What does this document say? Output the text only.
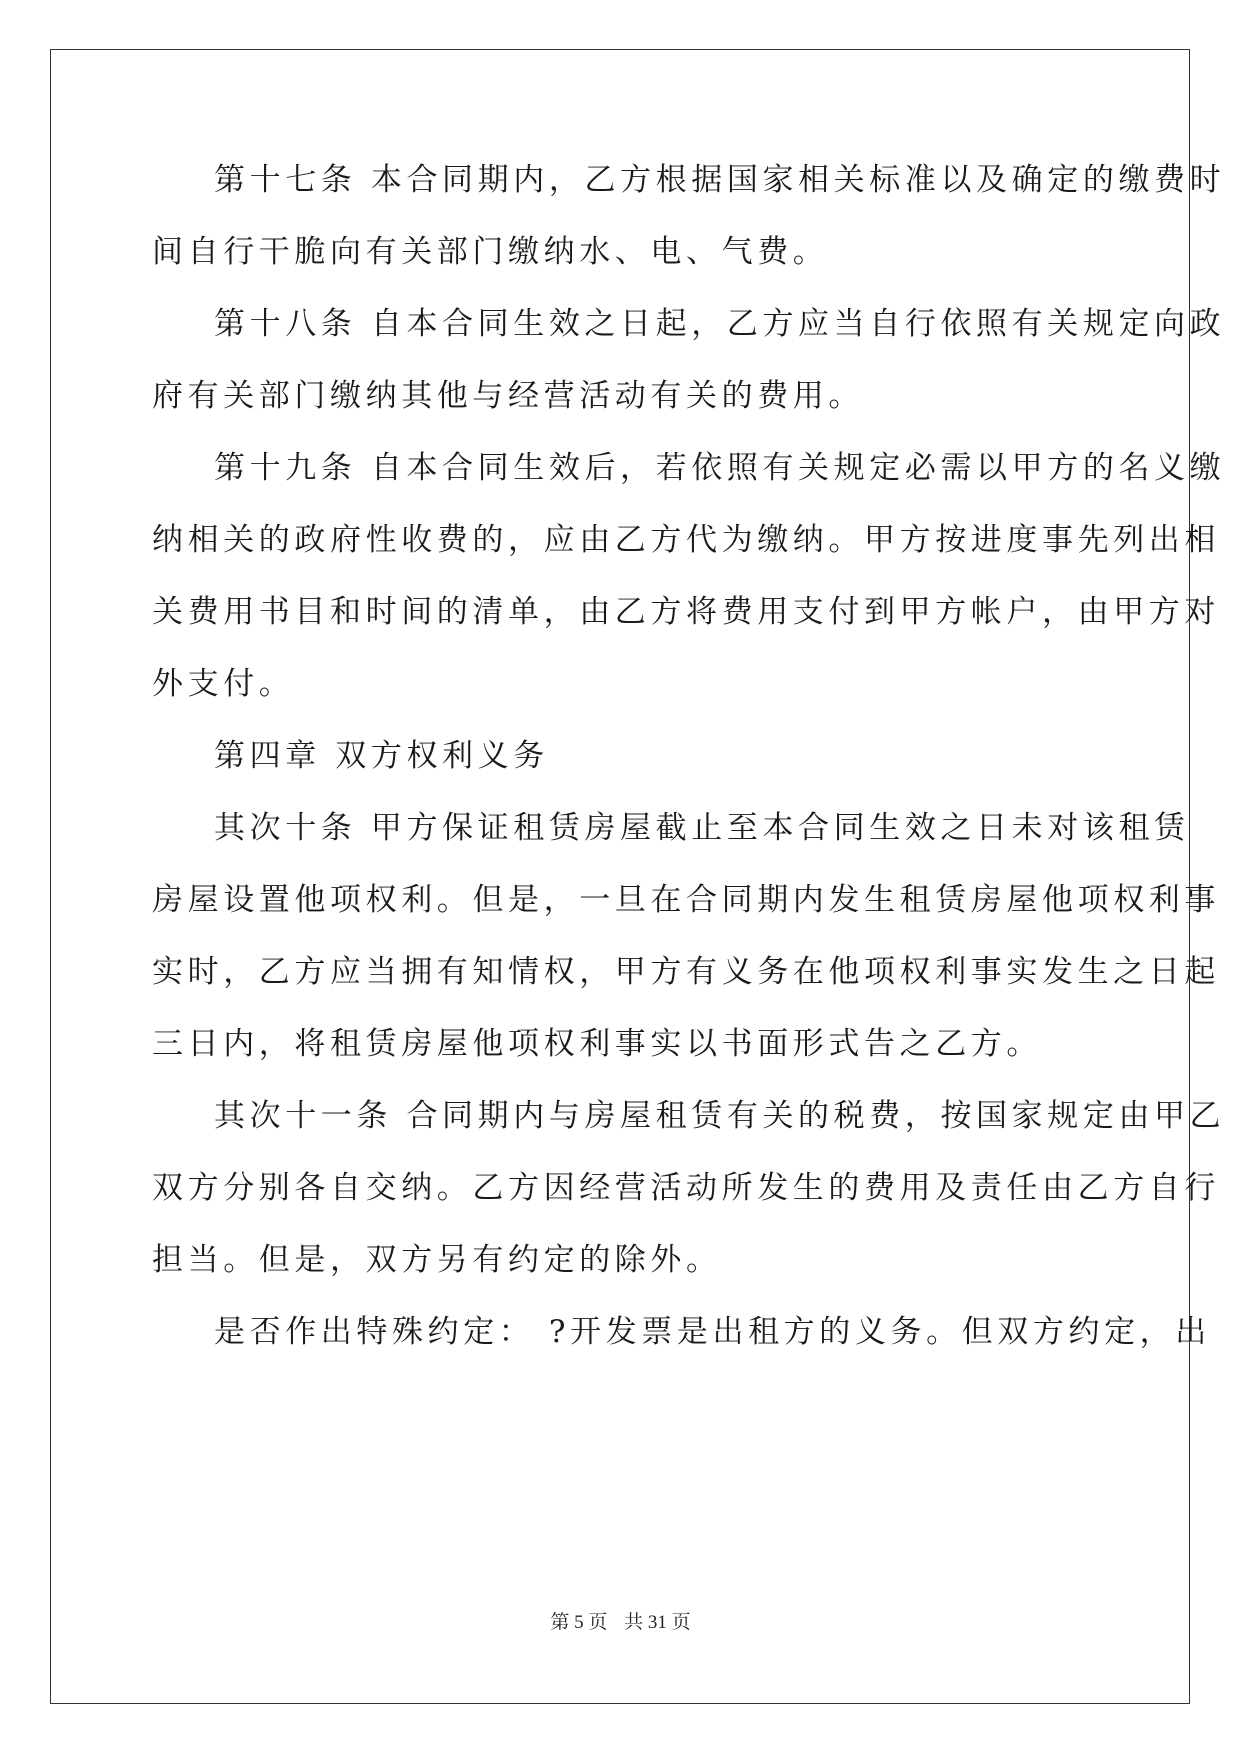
第十七条 本合同期内，乙方根据国家相关标准以及确定的缴费时
间自行干脆向有关部门缴纳水、电、气费。
第十八条 自本合同生效之日起，乙方应当自行依照有关规定向政
府有关部门缴纳其他与经营活动有关的费用。
第十九条 自本合同生效后，若依照有关规定必需以甲方的名义缴
纳相关的政府性收费的，应由乙方代为缴纳。甲方按进度事先列出相
关费用书目和时间的清单，由乙方将费用支付到甲方帐户，由甲方对
外支付。
第四章 双方权利义务
其次十条 甲方保证租赁房屋截止至本合同生效之日未对该租赁
房屋设置他项权利。但是，一旦在合同期内发生租赁房屋他项权利事
实时，乙方应当拥有知情权，甲方有义务在他项权利事实发生之日起
三日内，将租赁房屋他项权利事实以书面形式告之乙方。
其次十一条 合同期内与房屋租赁有关的税费，按国家规定由甲乙
双方分别各自交纳。乙方因经营活动所发生的费用及责任由乙方自行
担当。但是，双方另有约定的除外。
是否作出特殊约定： ?开发票是出租方的义务。但双方约定，出
第 5 页 共 31 页
